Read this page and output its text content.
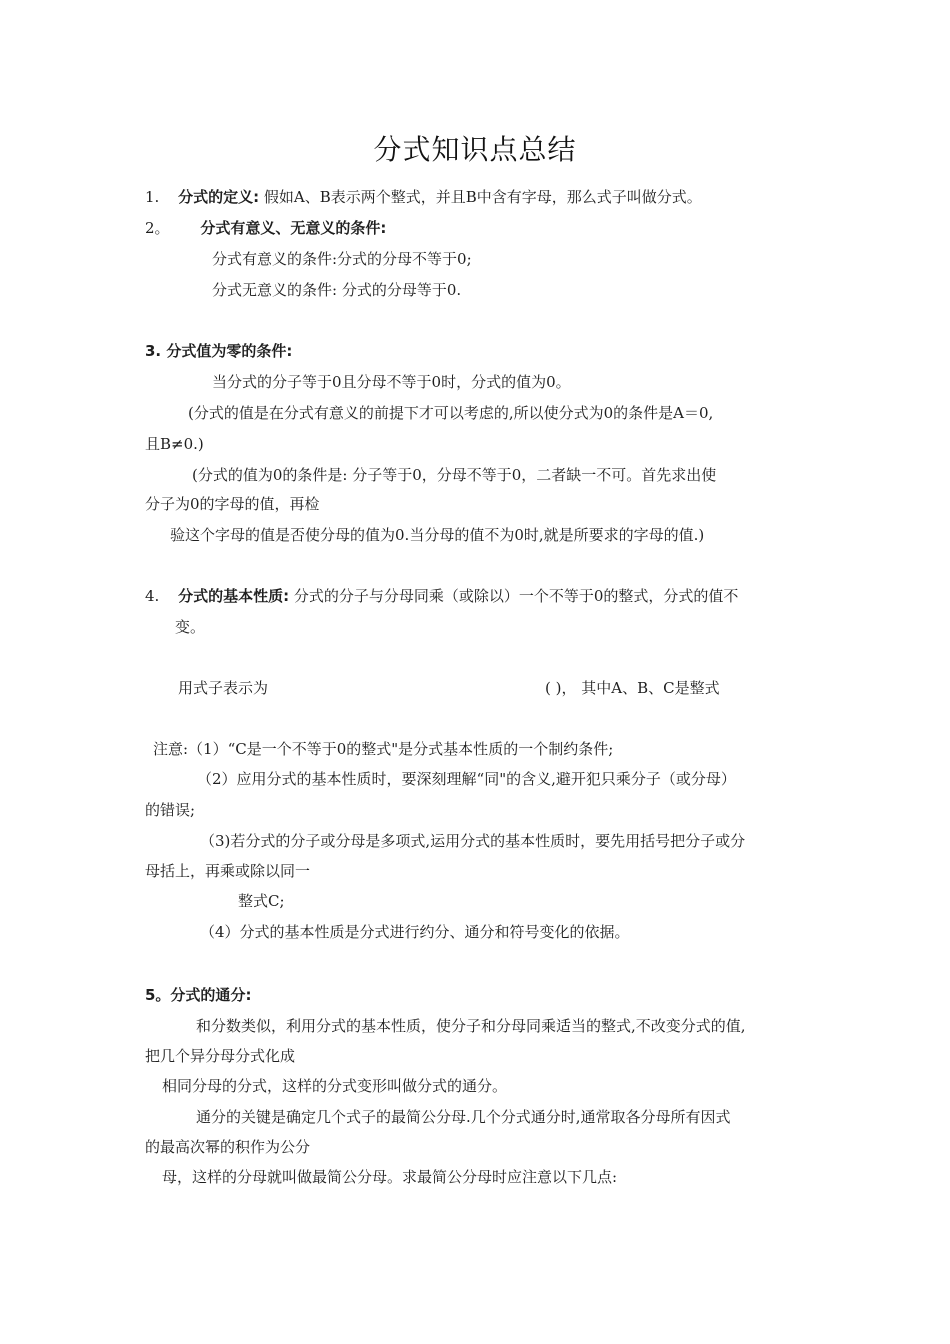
分式知识点总结
1. 分式的定义: 假如A、B表示两个整式，并且B中含有字母，那么式子叫做分式。
2。 分式有意义、无意义的条件:
分式有意义的条件:分式的分母不等于0;
分式无意义的条件: 分式的分母等于0.
3. 分式值为零的条件:
当分式的分子等于0且分母不等于0时，分式的值为0。
(分式的值是在分式有意义的前提下才可以考虑的,所以使分式为0的条件是A＝0,
且B≠0.)
(分式的值为0的条件是: 分子等于0，分母不等于0，二者缺一不可。首先求出使
分子为0的字母的值，再检
验这个字母的值是否使分母的值为0.当分母的值不为0时,就是所要求的字母的值.)
4. 分式的基本性质: 分式的分子与分母同乘（或除以）一个不等于0的整式，分式的值不
变。
用式子表示为	( )， 其中A、B、C是整式
注意:（1）“C是一个不等于0的整式"是分式基本性质的一个制约条件;
（2）应用分式的基本性质时，要深刻理解“同"的含义,避开犯只乘分子（或分母）
的错误;
（3)若分式的分子或分母是多项式,运用分式的基本性质时，要先用括号把分子或分
母括上，再乘或除以同一
整式C;
（4）分式的基本性质是分式进行约分、通分和符号变化的依据。
5。分式的通分:
和分数类似，利用分式的基本性质，使分子和分母同乘适当的整式,不改变分式的值,
把几个异分母分式化成
相同分母的分式，这样的分式变形叫做分式的通分。
通分的关键是确定几个式子的最简公分母.几个分式通分时,通常取各分母所有因式
的最高次幂的积作为公分
母，这样的分母就叫做最简公分母。求最简公分母时应注意以下几点:
